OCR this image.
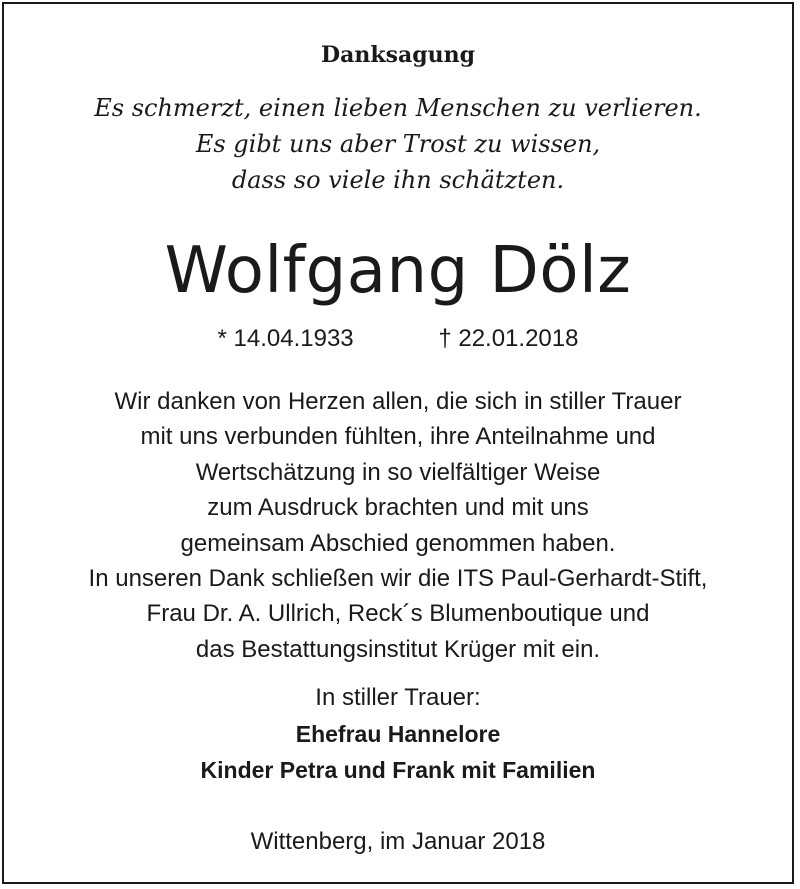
Danksagung
Es schmerzt, einen lieben Menschen zu verlieren.
Es gibt uns aber Trost zu wissen,
dass so viele ihn schätzten.
Wolfgang Dölz
* 14.04.1933	† 22.01.2018
Wir danken von Herzen allen, die sich in stiller Trauer
mit uns verbunden fühlten, ihre Anteilnahme und
Wertschätzung in so vielfältiger Weise
zum Ausdruck brachten und mit uns
gemeinsam Abschied genommen haben.
In unseren Dank schließen wir die ITS Paul-Gerhardt-Stift,
Frau Dr. A. Ullrich, Reck´s Blumenboutique und
das Bestattungsinstitut Krüger mit ein.
In stiller Trauer:
Ehefrau Hannelore
Kinder Petra und Frank mit Familien
Wittenberg, im Januar 2018
